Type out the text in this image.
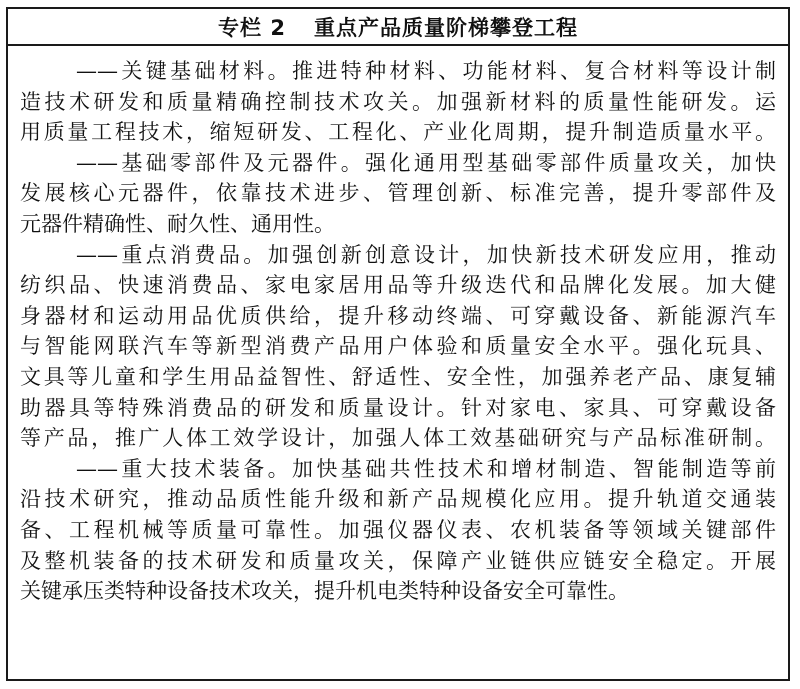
专栏 2 重点产品质量阶梯攀登工程
——关键基础材料。推进特种材料、功能材料、复合材料等设计制
造技术研发和质量精确控制技术攻关。加强新材料的质量性能研发。运
用质量工程技术，缩短研发、工程化、产业化周期，提升制造质量水平。
——基础零部件及元器件。强化通用型基础零部件质量攻关，加快
发展核心元器件，依靠技术进步、管理创新、标准完善，提升零部件及
元器件精确性、耐久性、通用性。
——重点消费品。加强创新创意设计，加快新技术研发应用，推动
纺织品、快速消费品、家电家居用品等升级迭代和品牌化发展。加大健
身器材和运动用品优质供给，提升移动终端、可穿戴设备、新能源汽车
与智能网联汽车等新型消费产品用户体验和质量安全水平。强化玩具、
文具等儿童和学生用品益智性、舒适性、安全性，加强养老产品、康复辅
助器具等特殊消费品的研发和质量设计。针对家电、家具、可穿戴设备
等产品，推广人体工效学设计，加强人体工效基础研究与产品标准研制。
——重大技术装备。加快基础共性技术和增材制造、智能制造等前
沿技术研究，推动品质性能升级和新产品规模化应用。提升轨道交通装
备、工程机械等质量可靠性。加强仪器仪表、农机装备等领域关键部件
及整机装备的技术研发和质量攻关，保障产业链供应链安全稳定。开展
关键承压类特种设备技术攻关，提升机电类特种设备安全可靠性。
